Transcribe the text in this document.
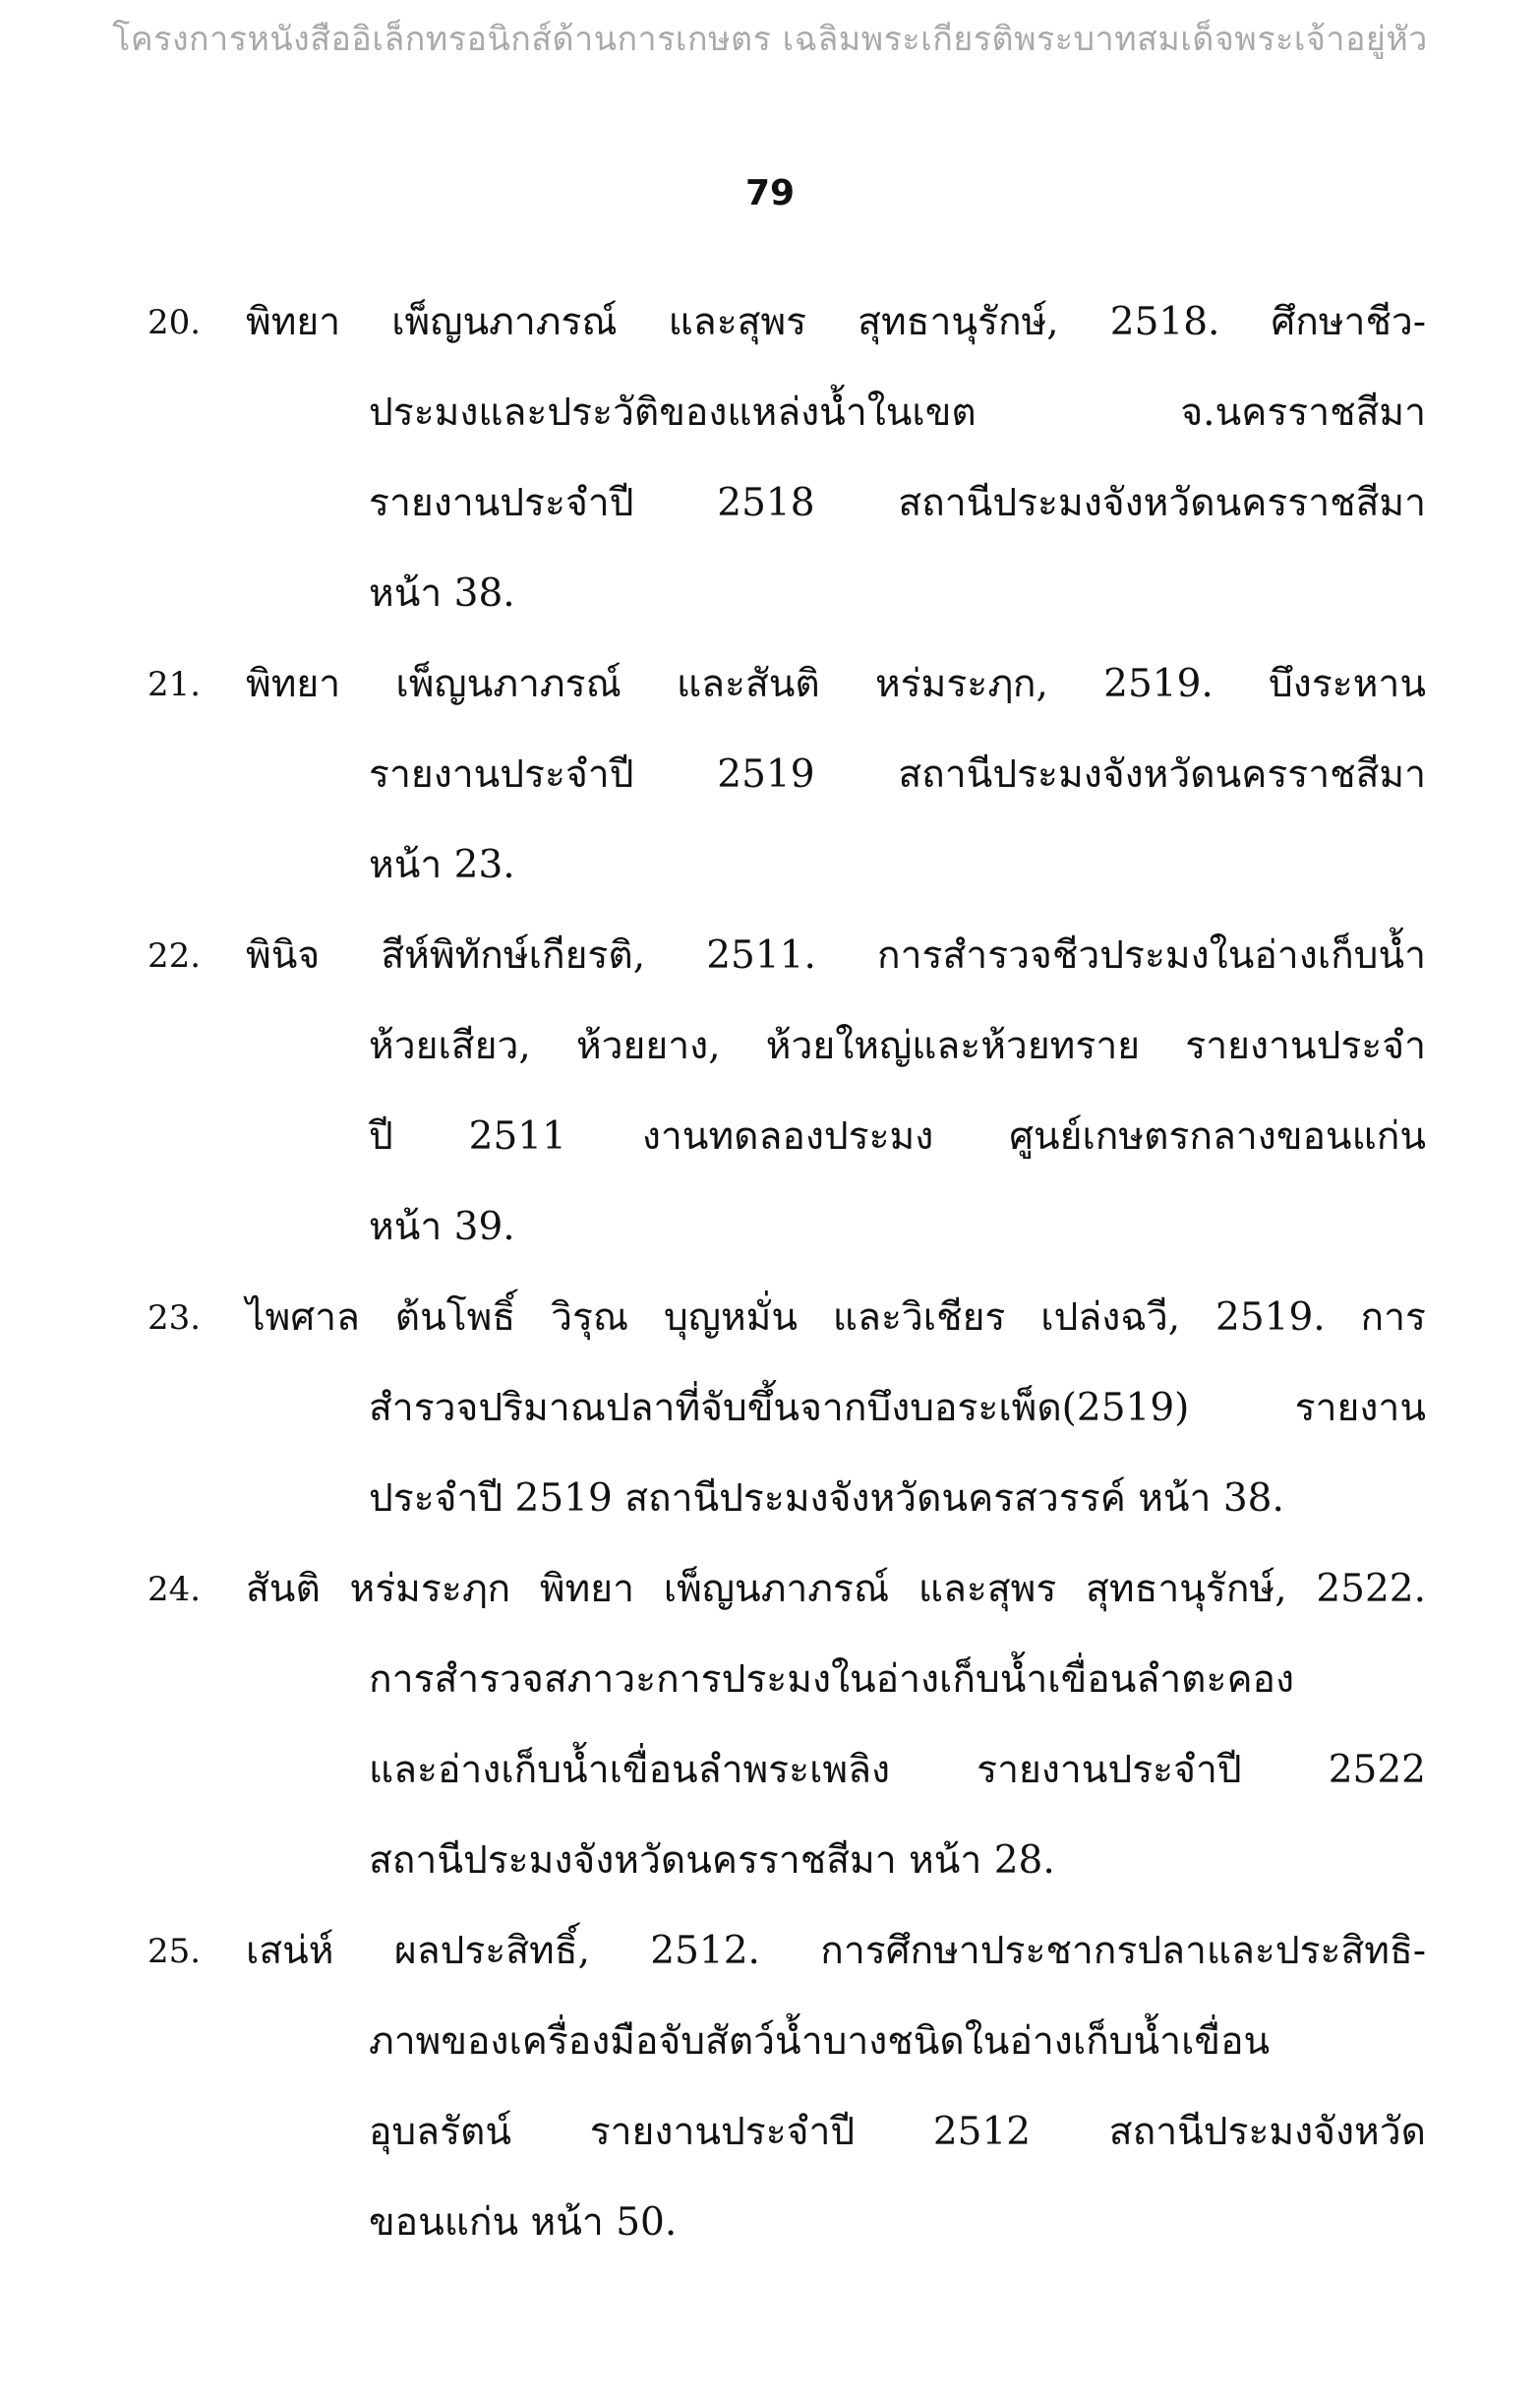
โครงการหนังสืออิเล็กทรอนิกส์ด้านการเกษตร เฉลิมพระเกียรติพระบาทสมเด็จพระเจ้าอยู่หัว
79
20.	พิทยา เพ็ญนภาภรณ์ และสุพร สุทธานุรักษ์, 2518. ศึกษาชีว-
ประมงและประวัติของแหล่งน้ำในเขต จ.นครราชสีมา
รายงานประจำปี 2518 สถานีประมงจังหวัดนครราชสีมา
หน้า 38.
21.	พิทยา เพ็ญนภาภรณ์ และสันติ หร่มระฦก, 2519. บึงระหาน
รายงานประจำปี 2519 สถานีประมงจังหวัดนครราชสีมา
หน้า 23.
22.	พินิจ สีห์พิทักษ์เกียรติ, 2511. การสำรวจชีวประมงในอ่างเก็บน้ำ
ห้วยเสียว, ห้วยยาง, ห้วยใหญ่และห้วยทราย รายงานประจำ
ปี 2511 งานทดลองประมง ศูนย์เกษตรกลางขอนแก่น
หน้า 39.
23.	ไพศาล ต้นโพธิ์ วิรุณ บุญหมั่น และวิเชียร เปล่งฉวี, 2519. การ
สำรวจปริมาณปลาที่จับขึ้นจากบึงบอระเพ็ด(2519) รายงาน
ประจำปี 2519 สถานีประมงจังหวัดนครสวรรค์ หน้า 38.
24.	สันติ หร่มระฦก พิทยา เพ็ญนภาภรณ์ และสุพร สุทธานุรักษ์, 2522.
การสำรวจสภาวะการประมงในอ่างเก็บน้ำเขื่อนลำตะคอง
และอ่างเก็บน้ำเขื่อนลำพระเพลิง รายงานประจำปี 2522
สถานีประมงจังหวัดนครราชสีมา หน้า 28.
25.	เสน่ห์ ผลประสิทธิ์, 2512. การศึกษาประชากรปลาและประสิทธิ-
ภาพของเครื่องมือจับสัตว์น้ำบางชนิดในอ่างเก็บน้ำเขื่อน
อุบลรัตน์ รายงานประจำปี 2512 สถานีประมงจังหวัด
ขอนแก่น หน้า 50.
